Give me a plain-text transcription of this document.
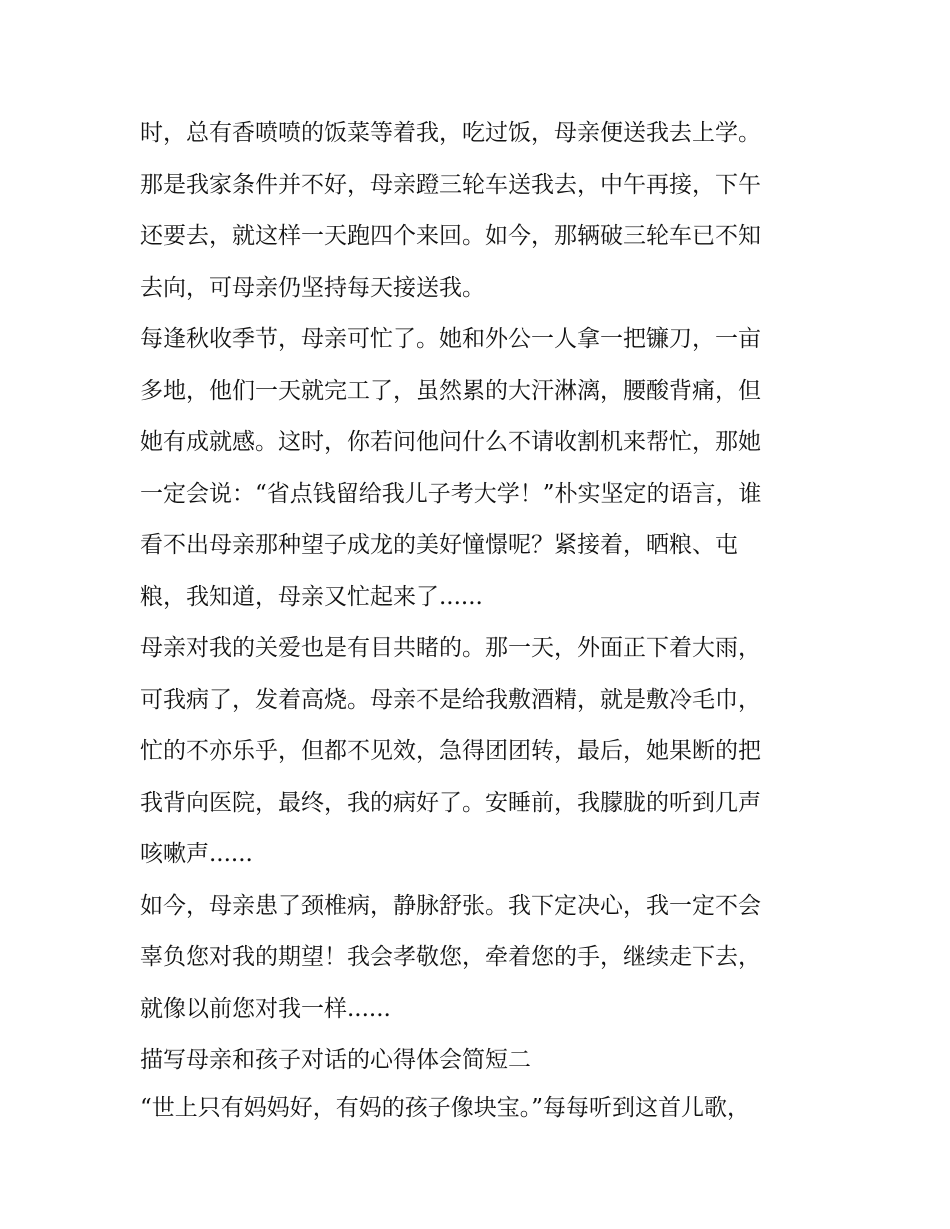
时，总有香喷喷的饭菜等着我，吃过饭，母亲便送我去上学。
那是我家条件并不好，母亲蹬三轮车送我去，中午再接，下午
还要去，就这样一天跑四个来回。如今，那辆破三轮车已不知
去向，可母亲仍坚持每天接送我。
每逢秋收季节，母亲可忙了。她和外公一人拿一把镰刀，一亩
多地，他们一天就完工了，虽然累的大汗淋漓，腰酸背痛，但
她有成就感。这时，你若问他问什么不请收割机来帮忙，那她
一定会说：“省点钱留给我儿子考大学！”朴实坚定的语言，谁
看不出母亲那种望子成龙的美好憧憬呢？紧接着，晒粮、屯
粮，我知道，母亲又忙起来了......
母亲对我的关爱也是有目共睹的。那一天，外面正下着大雨，
可我病了，发着高烧。母亲不是给我敷酒精，就是敷冷毛巾，
忙的不亦乐乎，但都不见效，急得团团转，最后，她果断的把
我背向医院，最终，我的病好了。安睡前，我朦胧的听到几声
咳嗽声......
如今，母亲患了颈椎病，静脉舒张。我下定决心，我一定不会
辜负您对我的期望！我会孝敬您，牵着您的手，继续走下去，
就像以前您对我一样......
描写母亲和孩子对话的心得体会简短二
“世上只有妈妈好，有妈的孩子像块宝。”每每听到这首儿歌，
